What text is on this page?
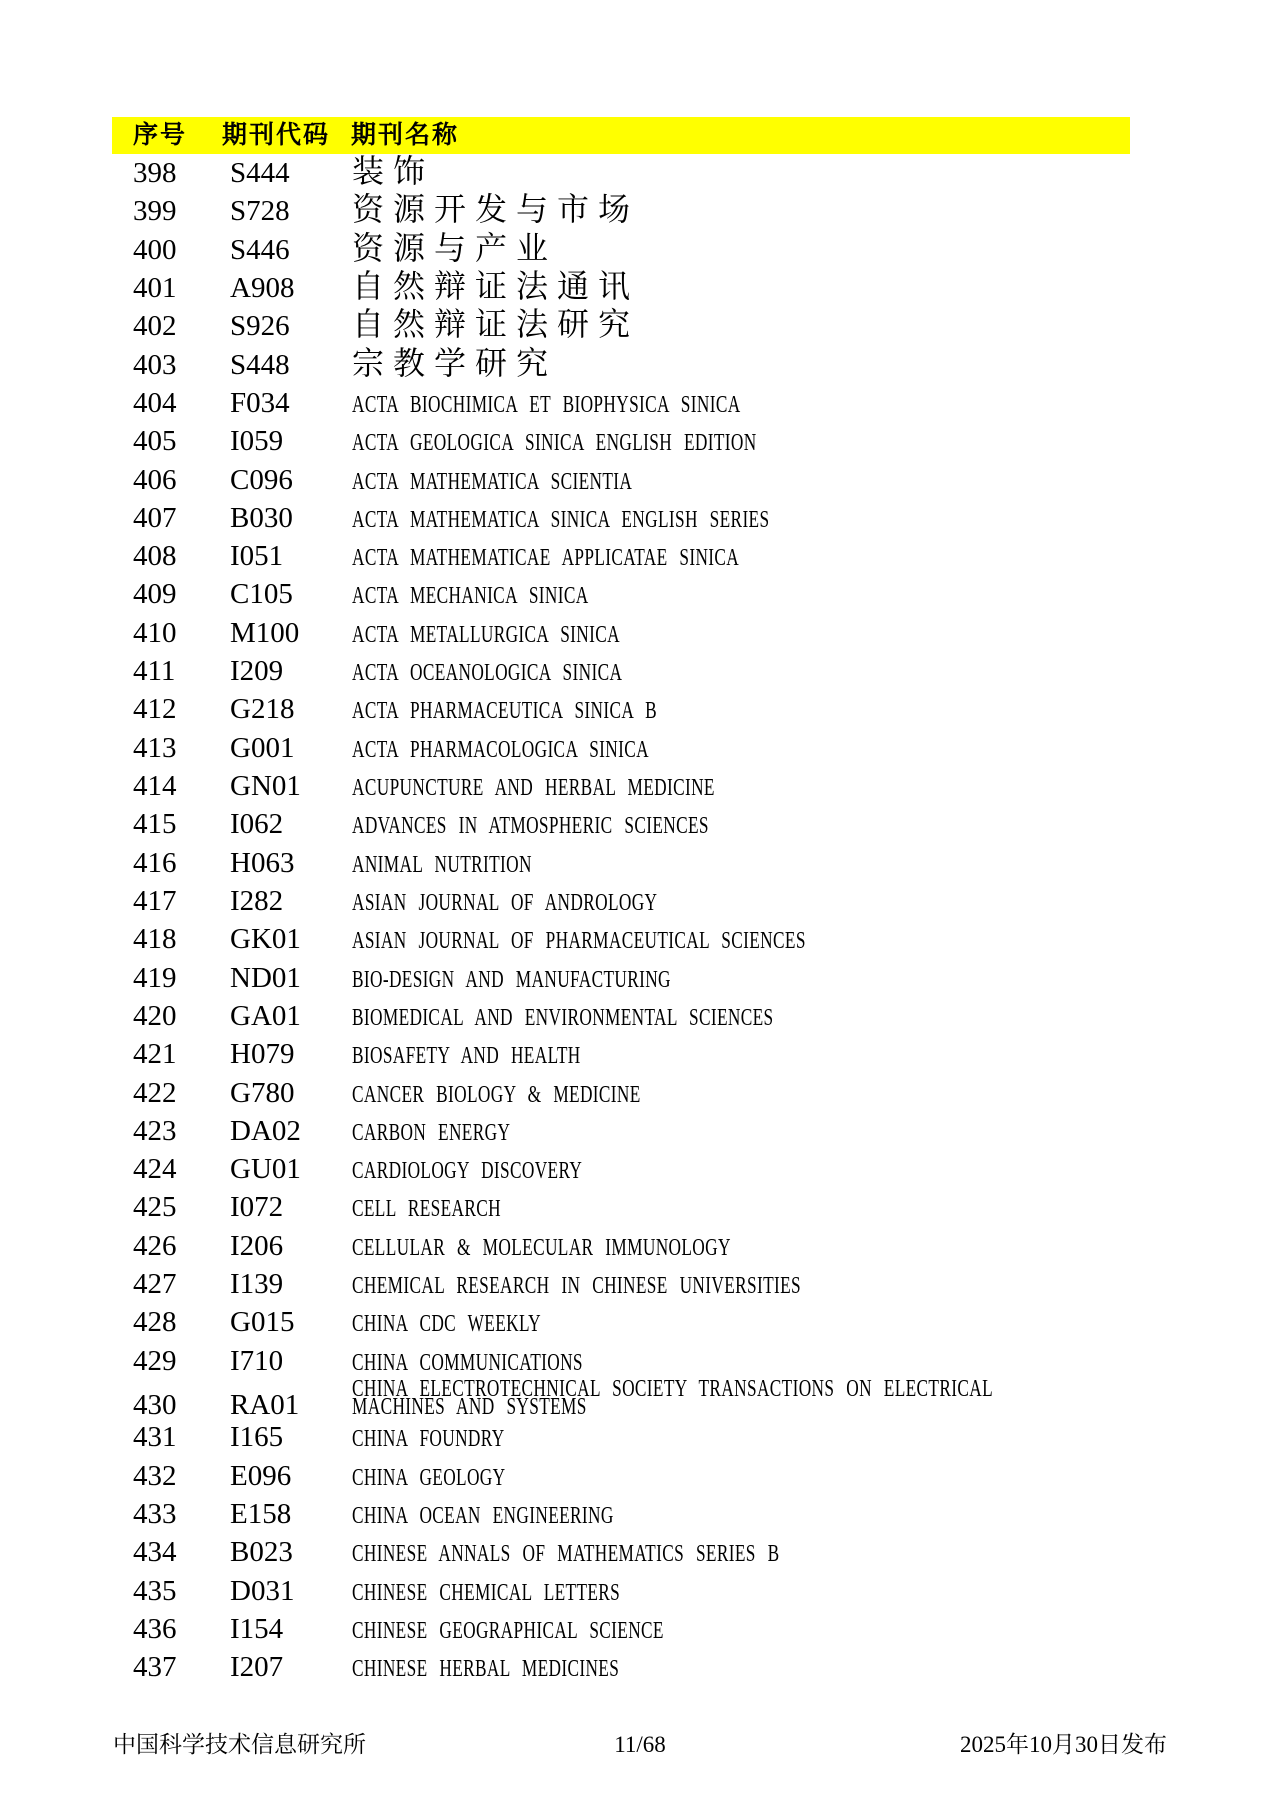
序号 期刊代码 期刊名称
398	S444	装饰
399	S728	资源开发与市场
400	S446	资源与产业
401	A908	自然辩证法通讯
402	S926	自然辩证法研究
403	S448	宗教学研究
404	F034	ACTA BIOCHIMICA ET BIOPHYSICA SINICA
405	I059	ACTA GEOLOGICA SINICA ENGLISH EDITION
406	C096	ACTA MATHEMATICA SCIENTIA
407	B030	ACTA MATHEMATICA SINICA ENGLISH SERIES
408	I051	ACTA MATHEMATICAE APPLICATAE SINICA
409	C105	ACTA MECHANICA SINICA
410	M100	ACTA METALLURGICA SINICA
411	I209	ACTA OCEANOLOGICA SINICA
412	G218	ACTA PHARMACEUTICA SINICA B
413	G001	ACTA PHARMACOLOGICA SINICA
414	GN01	ACUPUNCTURE AND HERBAL MEDICINE
415	I062	ADVANCES IN ATMOSPHERIC SCIENCES
416	H063	ANIMAL NUTRITION
417	I282	ASIAN JOURNAL OF ANDROLOGY
418	GK01	ASIAN JOURNAL OF PHARMACEUTICAL SCIENCES
419	ND01	BIO-DESIGN AND MANUFACTURING
420	GA01	BIOMEDICAL AND ENVIRONMENTAL SCIENCES
421	H079	BIOSAFETY AND HEALTH
422	G780	CANCER BIOLOGY & MEDICINE
423	DA02	CARBON ENERGY
424	GU01	CARDIOLOGY DISCOVERY
425	I072	CELL RESEARCH
426	I206	CELLULAR & MOLECULAR IMMUNOLOGY
427	I139	CHEMICAL RESEARCH IN CHINESE UNIVERSITIES
428	G015	CHINA CDC WEEKLY
429	I710	CHINA COMMUNICATIONS
430	RA01	CHINA ELECTROTECHNICAL SOCIETY TRANSACTIONS ON ELECTRICAL MACHINES AND SYSTEMS
431	I165	CHINA FOUNDRY
432	E096	CHINA GEOLOGY
433	E158	CHINA OCEAN ENGINEERING
434	B023	CHINESE ANNALS OF MATHEMATICS SERIES B
435	D031	CHINESE CHEMICAL LETTERS
436	I154	CHINESE GEOGRAPHICAL SCIENCE
437	I207	CHINESE HERBAL MEDICINES
中国科学技术信息研究所	11/68	2025年10月30日发布
